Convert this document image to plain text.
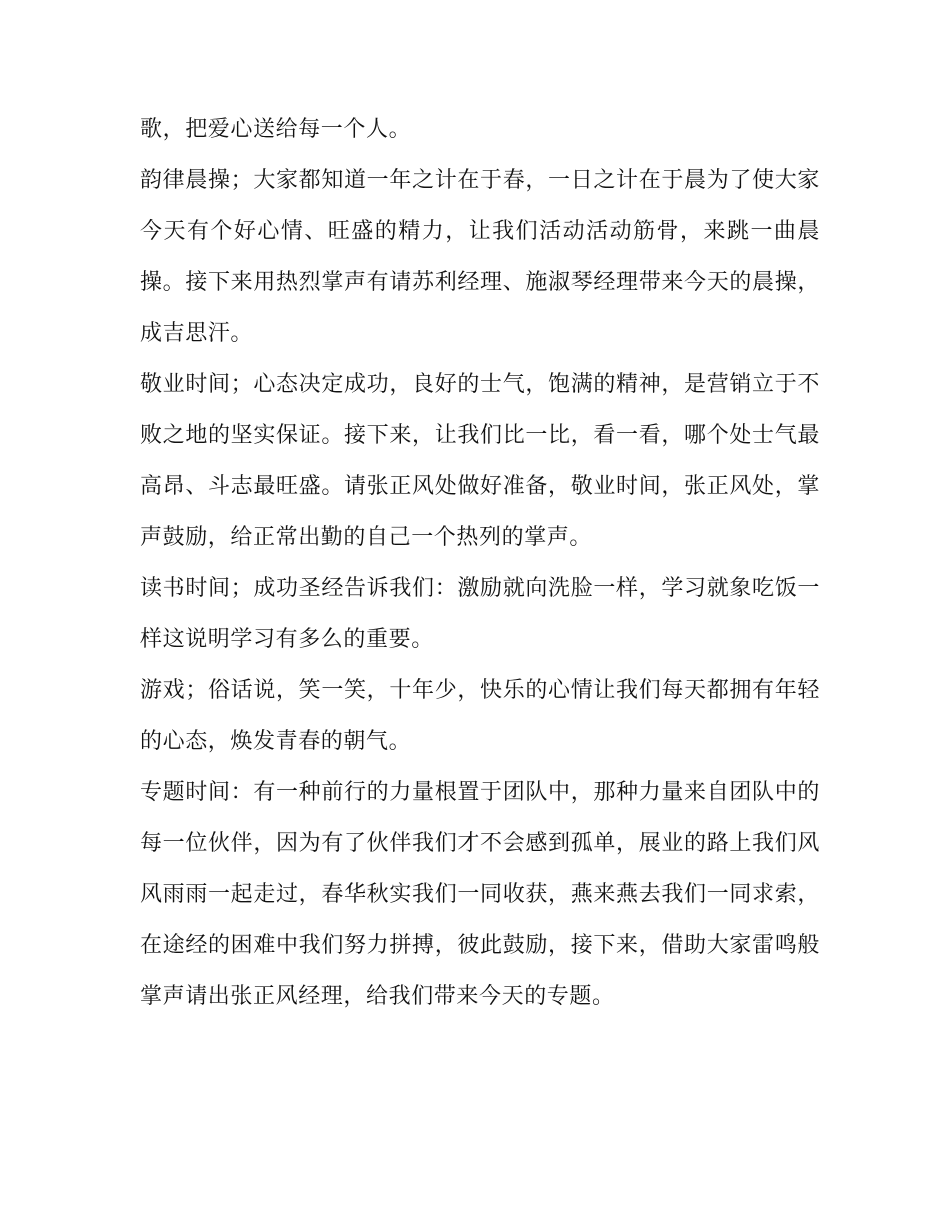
歌，把爱心送给每一个人。

韵律晨操；大家都知道一年之计在于春，一日之计在于晨为了使大家今天有个好心情、旺盛的精力，让我们活动活动筋骨，来跳一曲晨操。接下来用热烈掌声有请苏利经理、施淑琴经理带来今天的晨操，成吉思汗。

敬业时间；心态决定成功，良好的士气，饱满的精神，是营销立于不败之地的坚实保证。接下来，让我们比一比，看一看，哪个处士气最高昂、斗志最旺盛。请张正风处做好准备，敬业时间，张正风处，掌声鼓励，给正常出勤的自己一个热列的掌声。

读书时间；成功圣经告诉我们：激励就向洗脸一样，学习就象吃饭一样这说明学习有多么的重要。

游戏；俗话说，笑一笑，十年少，快乐的心情让我们每天都拥有年轻的心态，焕发青春的朝气。

专题时间：有一种前行的力量根置于团队中，那种力量来自团队中的每一位伙伴，因为有了伙伴我们才不会感到孤单，展业的路上我们风风雨雨一起走过，春华秋实我们一同收获，燕来燕去我们一同求索，在途经的困难中我们努力拼搏，彼此鼓励，接下来，借助大家雷鸣般掌声请出张正风经理，给我们带来今天的专题。
